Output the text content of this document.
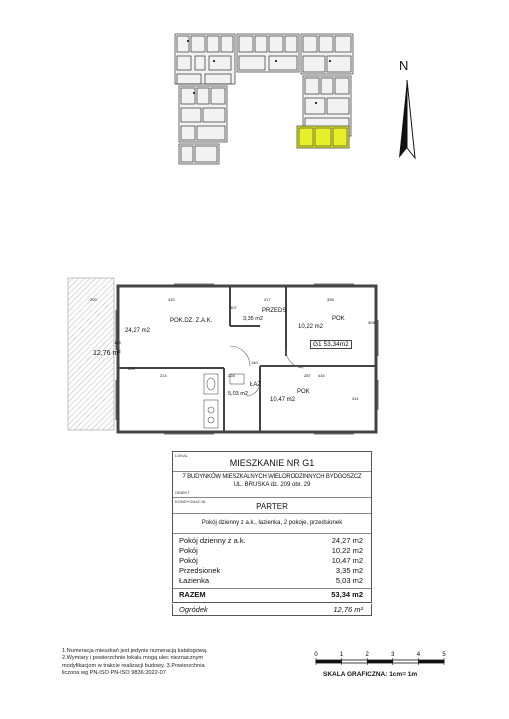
N
12,76 m²
POK.DZ. Z.A.K.
24,27 m2
PRZEDS
3,35 m2	POK
10,22 m2
G1 53,34m2
POK
10,47 m2
ŁAZ
5,03 m2
200	432	217	335
214	434
140
228
226
507
305
287
241
183
LOKAL
MIESZKANIE NR G1
7 BUDYNKÓW MIESZKALNYCH WIELORODZINNYCH BYDGOSZCZ
UL. BRUSKA dz. 209 obr. 29
OBIEKT
KONDYGNACJA
PARTER
Pokój dzienny z a.k., łazienka, 2 pokoje, przedsionek
Pokój dzienny z a.k.	24,27 m2
Pokój	10,22 m2
Pokój	10,47 m2
Przedsionek	3,35 m2
Łazienka	5,03 m2
RAZEM	53,34 m2
Ogródek	12,76 m²
1.Numeracja mieszkań jest jedynie numeracją katalogową.
2.Wymiary i powierzchnie lokalu mogą ulec nieznacznym
modyfikacjom w trakcie realizacji budowy. 3.Powierzchnia
liczona wg PN-ISO PN-ISO 9836:2022-07
0	1	2	3	4	5
SKALA GRAFICZNA: 1cm= 1m
